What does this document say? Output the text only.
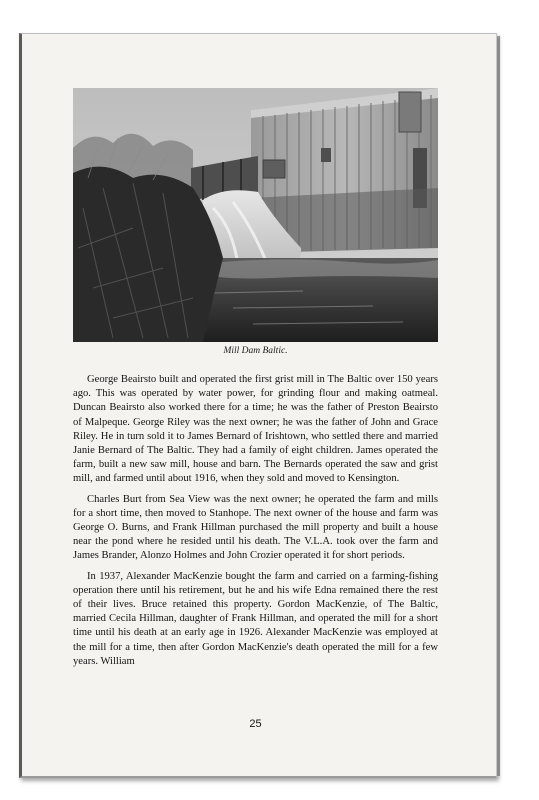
Mill Dam Baltic.

George Beairsto built and operated the first grist mill in The Baltic over 150 years ago. This was operated by water power, for grinding flour and making oatmeal. Duncan Beairsto also worked there for a time; he was the father of Preston Beairsto of Malpeque. George Riley was the next owner; he was the father of John and Grace Riley. He in turn sold it to James Bernard of Irishtown, who settled there and married Janie Bernard of The Baltic. They had a family of eight children. James operated the farm, built a new saw mill, house and barn. The Bernards operated the saw and grist mill, and farmed until about 1916, when they sold and moved to Kensington.

Charles Burt from Sea View was the next owner; he operated the farm and mills for a short time, then moved to Stanhope. The next owner of the house and farm was George O. Burns, and Frank Hillman purchased the mill property and built a house near the pond where he resided until his death. The V.L.A. took over the farm and James Brander, Alonzo Holmes and John Crozier operated it for short periods.

In 1937, Alexander MacKenzie bought the farm and carried on a farming-fishing operation there until his retirement, but he and his wife Edna remained there the rest of their lives. Bruce retained this property. Gordon MacKenzie, of The Baltic, married Cecila Hillman, daughter of Frank Hillman, and operated the mill for a short time until his death at an early age in 1926. Alexander MacKenzie was employed at the mill for a time, then after Gordon MacKenzie's death operated the mill for a few years. William

25
